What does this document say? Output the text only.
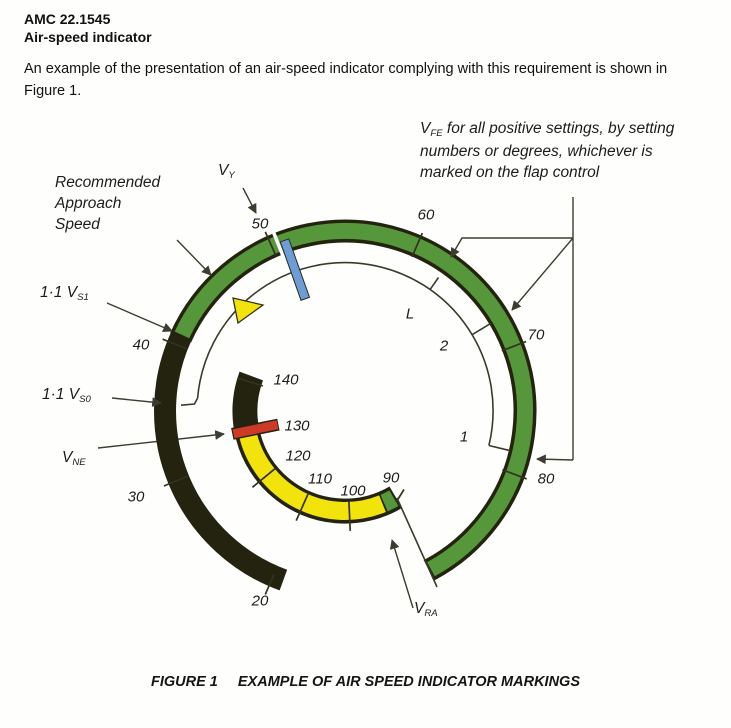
AMC 22.1545
Air-speed indicator
An example of the presentation of an air-speed indicator complying with this requirement is shown in
Figure 1.
20
30
40
50
60
70
80
90
100
110
120
130
140
L
2
1
$V_{FE}$ for all positive settings, by setting
numbers or degrees, whichever is
marked on the flap control
Recommended
Approach
Speed
$V_Y$
1·1 $V_{S1}$
1·1 $V_{S0}$
$V_{NE}$
$V_{RA}$
FIGURE 1 EXAMPLE OF AIR SPEED INDICATOR MARKINGS
